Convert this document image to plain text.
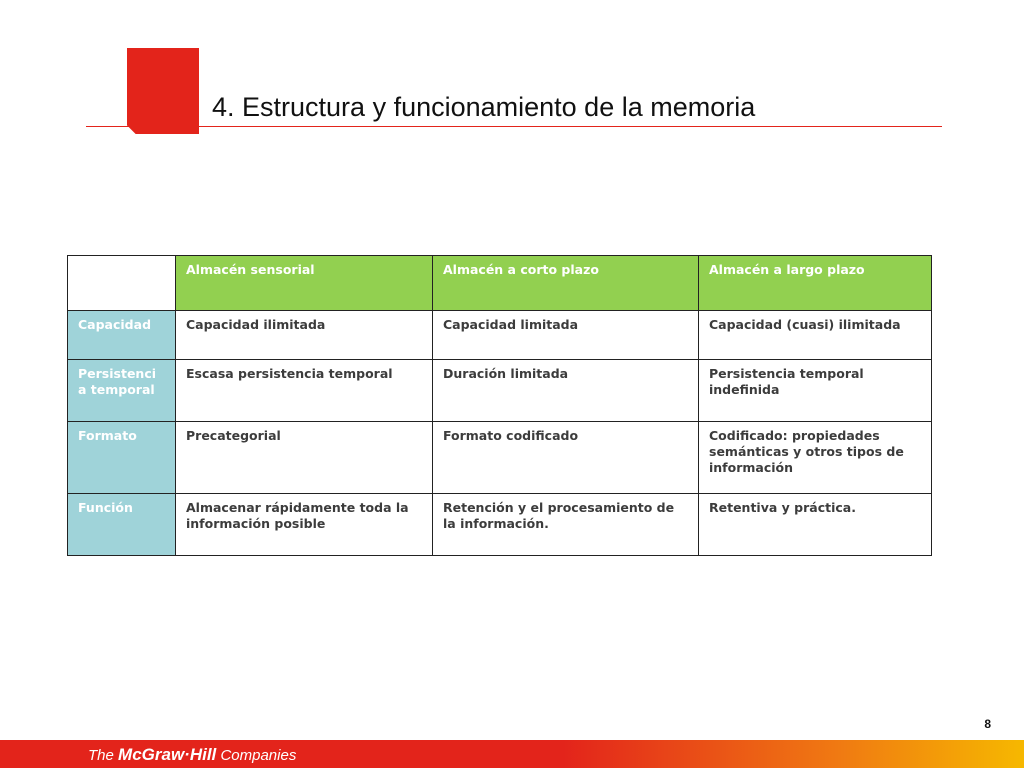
4. Estructura y funcionamiento de la memoria
	Almacén sensorial	Almacén a corto plazo	Almacén a largo plazo
Capacidad	Capacidad ilimitada	Capacidad limitada	Capacidad (cuasi) ilimitada
Persistenci a temporal	Escasa persistencia temporal	Duración limitada	Persistencia temporal indefinida
Formato	Precategorial	Formato codificado	Codificado: propiedades semánticas y otros tipos de información
Función	Almacenar rápidamente toda la información posible	Retención y el procesamiento de la información.	Retentiva y práctica.
8
The McGraw·Hill Companies
